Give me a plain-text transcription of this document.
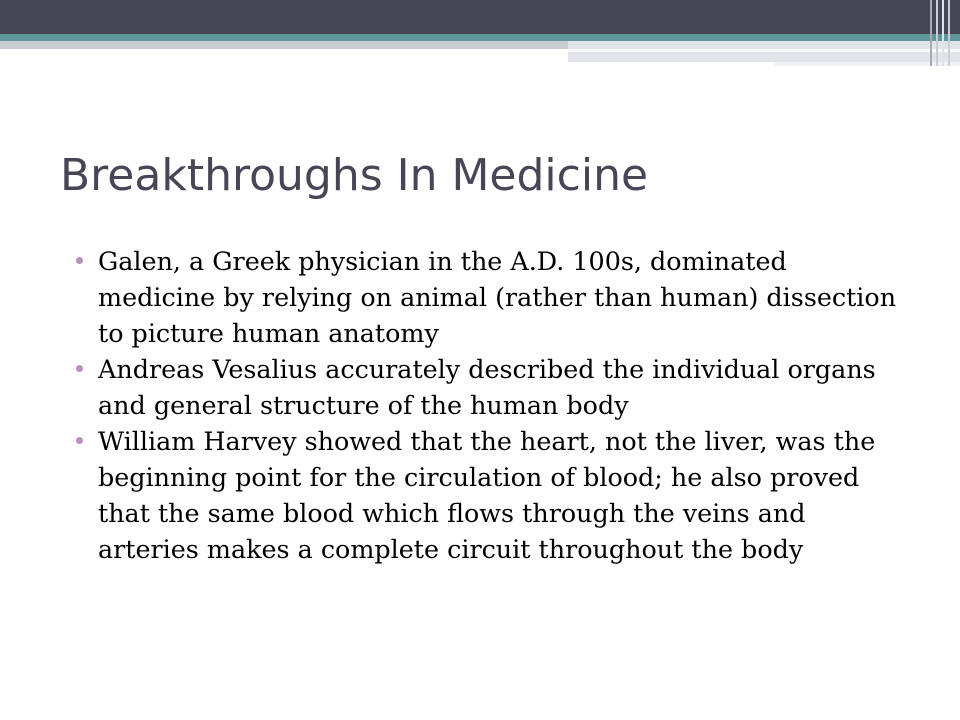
Breakthroughs In Medicine
Galen, a Greek physician in the A.D. 100s, dominated medicine by relying on animal (rather than human) dissection to picture human anatomy
Andreas Vesalius accurately described the individual organs and general structure of the human body
William Harvey showed that the heart, not the liver, was the beginning point for the circulation of blood; he also proved that the same blood which flows through the veins and arteries makes a complete circuit throughout the body
